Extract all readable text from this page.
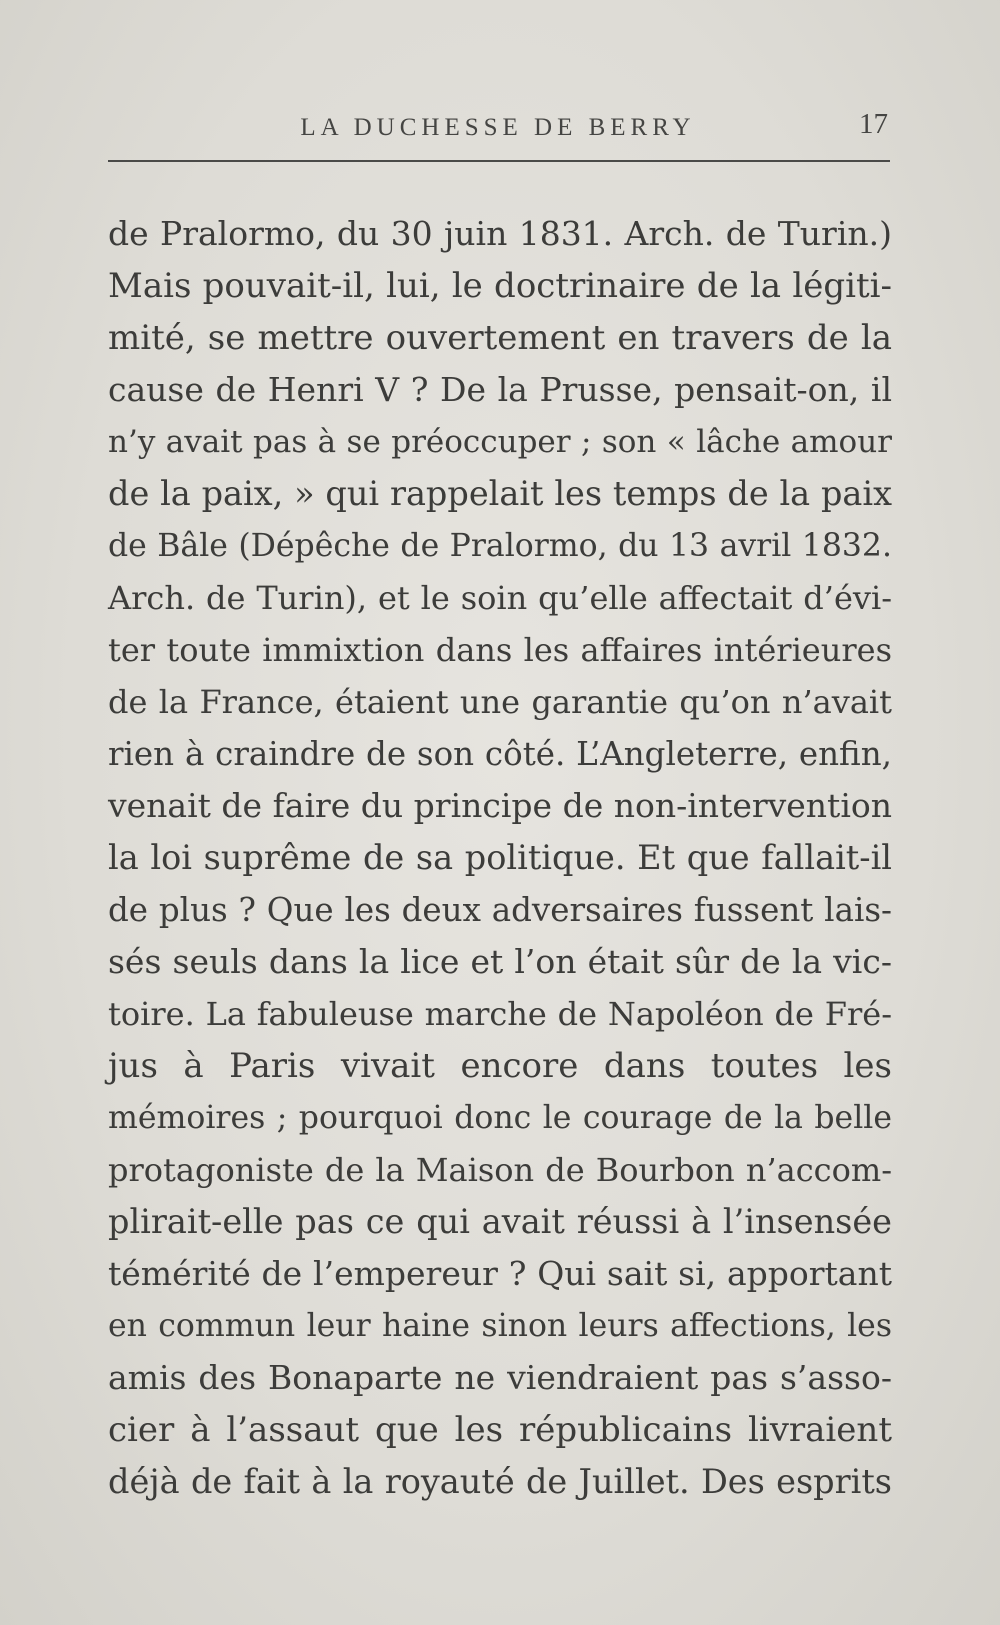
LA DUCHESSE DE BERRY	17
de Pralormo, du 30 juin 1831. Arch. de Turin.)
Mais pouvait-il, lui, le doctrinaire de la légiti-
mité, se mettre ouvertement en travers de la
cause de Henri V ? De la Prusse, pensait-on, il
n’y avait pas à se préoccuper ; son « lâche amour
de la paix, » qui rappelait les temps de la paix
de Bâle (Dépêche de Pralormo, du 13 avril 1832.
Arch. de Turin), et le soin qu’elle affectait d’évi-
ter toute immixtion dans les affaires intérieures
de la France, étaient une garantie qu’on n’avait
rien à craindre de son côté. L’Angleterre, enfin,
venait de faire du principe de non-intervention
la loi suprême de sa politique. Et que fallait-il
de plus ? Que les deux adversaires fussent lais-
sés seuls dans la lice et l’on était sûr de la vic-
toire. La fabuleuse marche de Napoléon de Fré-
jus à Paris vivait encore dans toutes les
mémoires ; pourquoi donc le courage de la belle
protagoniste de la Maison de Bourbon n’accom-
plirait-elle pas ce qui avait réussi à l’insensée
témérité de l’empereur ? Qui sait si, apportant
en commun leur haine sinon leurs affections, les
amis des Bonaparte ne viendraient pas s’asso-
cier à l’assaut que les républicains livraient
déjà de fait à la royauté de Juillet. Des esprits
